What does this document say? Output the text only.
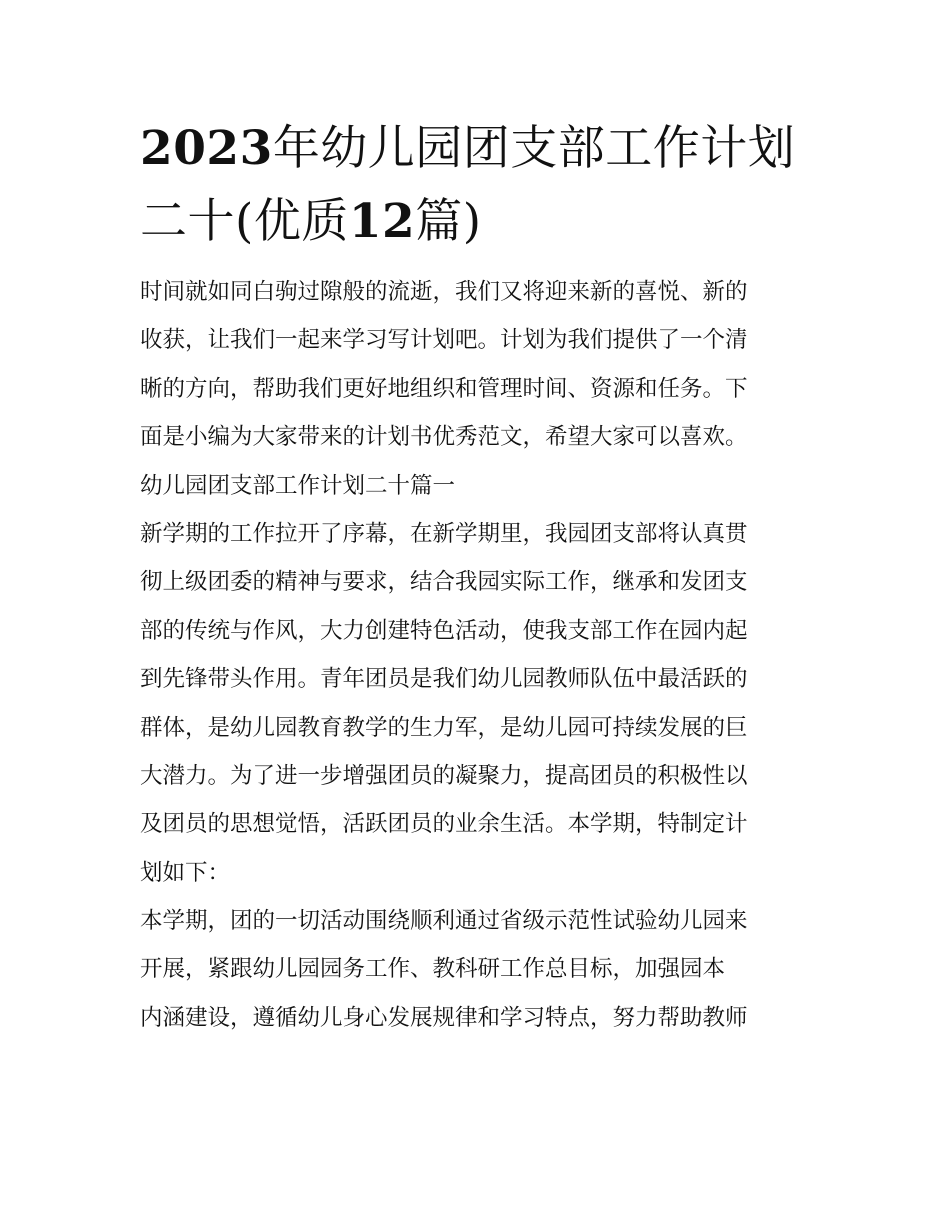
2023年幼儿园团支部工作计划
二十(优质12篇)
时间就如同白驹过隙般的流逝，我们又将迎来新的喜悦、新的
收获，让我们一起来学习写计划吧。计划为我们提供了一个清
晰的方向，帮助我们更好地组织和管理时间、资源和任务。下
面是小编为大家带来的计划书优秀范文，希望大家可以喜欢。
幼儿园团支部工作计划二十篇一
新学期的工作拉开了序幕，在新学期里，我园团支部将认真贯
彻上级团委的精神与要求，结合我园实际工作，继承和发团支
部的传统与作风，大力创建特色活动，使我支部工作在园内起
到先锋带头作用。青年团员是我们幼儿园教师队伍中最活跃的
群体，是幼儿园教育教学的生力军，是幼儿园可持续发展的巨
大潜力。为了进一步增强团员的凝聚力，提高团员的积极性以
及团员的思想觉悟，活跃团员的业余生活。本学期，特制定计
划如下：
本学期，团的一切活动围绕顺利通过省级示范性试验幼儿园来
开展，紧跟幼儿园园务工作、教科研工作总目标，加强园本
内涵建设，遵循幼儿身心发展规律和学习特点，努力帮助教师
